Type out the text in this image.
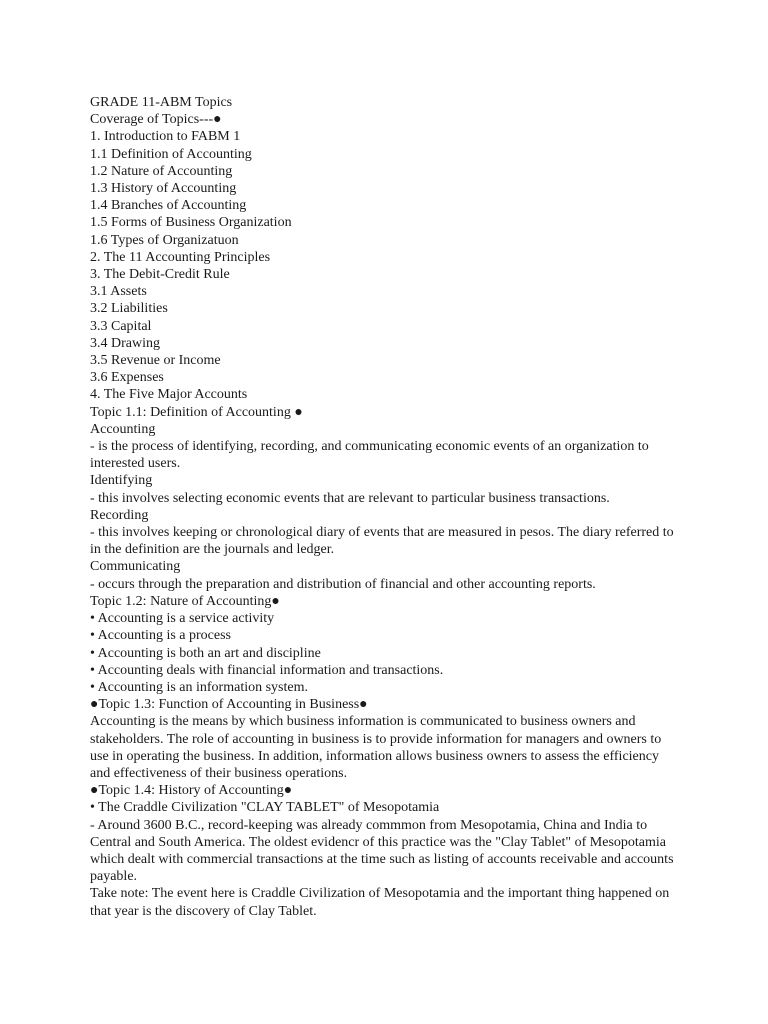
GRADE 11-ABM Topics
Coverage of Topics---●
1. Introduction to FABM 1
1.1 Definition of Accounting
1.2 Nature of Accounting
1.3 History of Accounting
1.4 Branches of Accounting
1.5 Forms of Business Organization
1.6 Types of Organizatuon
2. The 11 Accounting Principles
3. The Debit-Credit Rule
3.1 Assets
3.2 Liabilities
3.3 Capital
3.4 Drawing
3.5 Revenue or Income
3.6 Expenses
4. The Five Major Accounts
Topic 1.1: Definition of Accounting ●
Accounting
- is the process of identifying, recording, and communicating economic events of an organization to interested users.
Identifying
- this involves selecting economic events that are relevant to particular business transactions.
Recording
- this involves keeping or chronological diary of events that are measured in pesos. The diary referred to in the definition are the journals and ledger.
Communicating
- occurs through the preparation and distribution of financial and other accounting reports.
Topic 1.2: Nature of Accounting●
• Accounting is a service activity
• Accounting is a process
• Accounting is both an art and discipline
• Accounting deals with financial information and transactions.
• Accounting is an information system.
●Topic 1.3: Function of Accounting in Business●
Accounting is the means by which business information is communicated to business owners and stakeholders. The role of accounting in business is to provide information for managers and owners to use in operating the business. In addition, information allows business owners to assess the efficiency and effectiveness of their business operations.
●Topic 1.4: History of Accounting●
• The Craddle Civilization "CLAY TABLET" of Mesopotamia
- Around 3600 B.C., record-keeping was already commmon from Mesopotamia, China and India to Central and South America. The oldest evidencr of this practice was the "Clay Tablet" of Mesopotamia which dealt with commercial transactions at the time such as listing of accounts receivable and accounts payable.
Take note: The event here is Craddle Civilization of Mesopotamia and the important thing happened on that year is the discovery of Clay Tablet.
